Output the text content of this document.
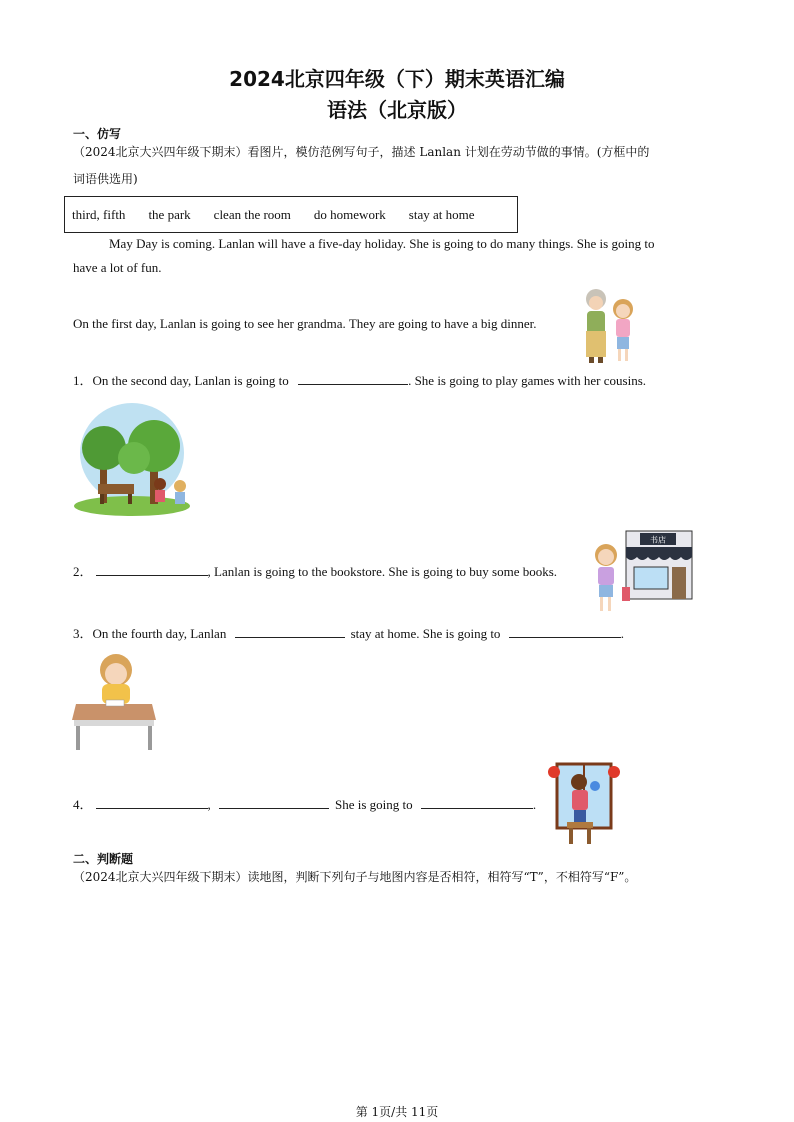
2024北京四年级（下）期末英语汇编
语法（北京版）
一、仿写
（2024北京大兴四年级下期末）看图片，模仿范例写句子，描述 Lanlan 计划在劳动节做的事情。(方框中的
词语供选用)
third, fifth the park clean the room do homework stay at home
May Day is coming. Lanlan will have a five-day holiday. She is going to do many things. She is going to
have a lot of fun.
On the first day, Lanlan is going to see her grandma. They are going to have a big dinner.
1．On the second day, Lanlan is going to	. She is going to play games with her cousins.
2．	, Lanlan is going to the bookstore. She is going to buy some books.
书店
3．On the fourth day, Lanlan	stay at home. She is going to	.
4．	,	She is going to	.
二、判断题
（2024北京大兴四年级下期末）读地图，判断下列句子与地图内容是否相符，相符写“T”，不相符写“F”。
第 1页/共 11页
